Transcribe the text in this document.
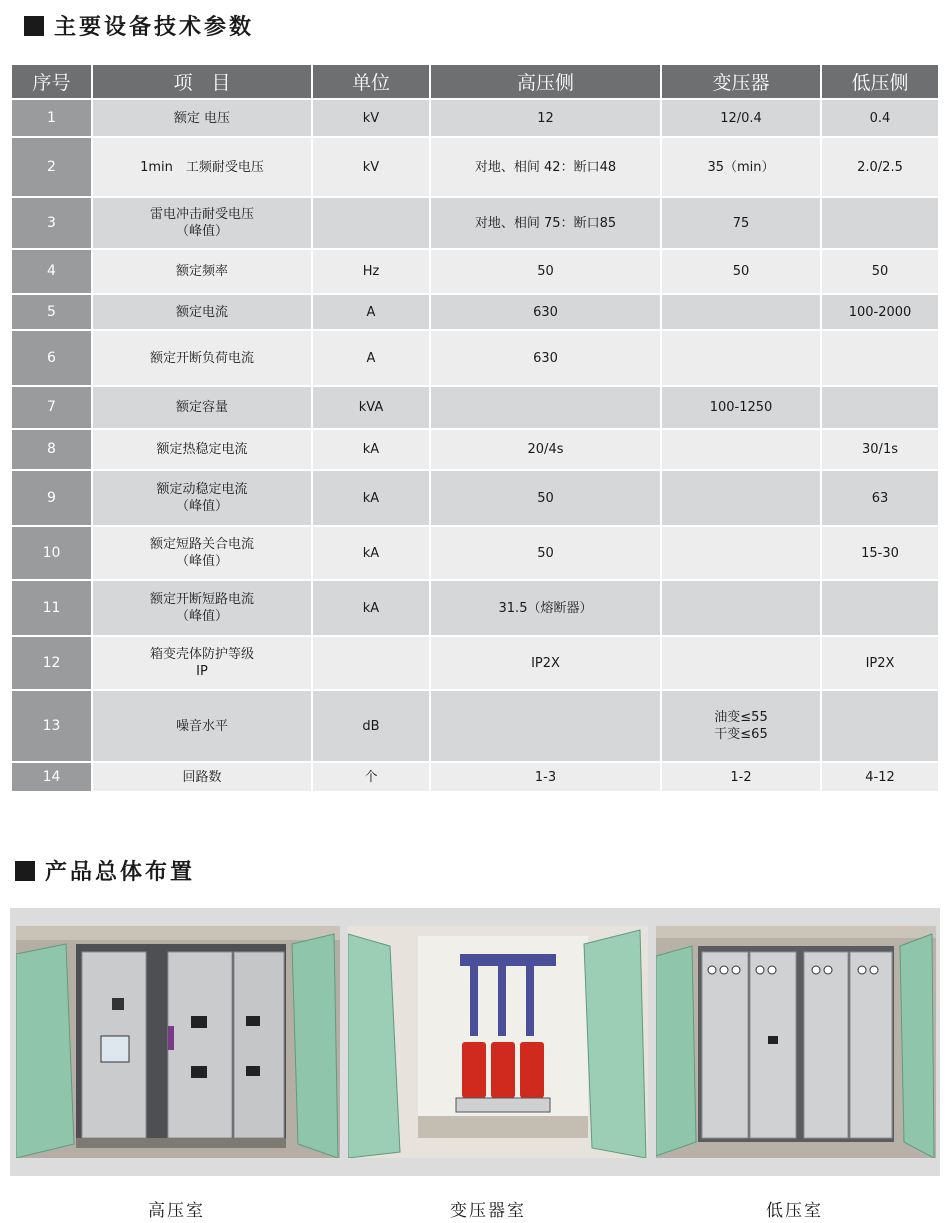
主要设备技术参数
序号	项　目	单位	高压侧	变压器	低压侧
1	额定 电压	kV	12	12/0.4	0.4

2	1min　工频耐受电压	kV	对地、相间 42：断口48	35（min）	2.0/2.5

3	雷电冲击耐受电压
（峰值）		对地、相间 75：断口85	75	

4	额定频率	Hz	50	50	50

5	额定电流	A	630		100-2000

6	额定开断负荷电流	A	630		

7	额定容量	kVA		100-1250	

8	额定热稳定电流	kA	20/4s		30/1s

9	额定动稳定电流
（峰值）	kA	50		63

10	额定短路关合电流
（峰值）	kA	50		15-30

11	额定开断短路电流
（峰值）	kA	31.5（熔断器）		

12	箱变壳体防护等级
IP		IP2X		IP2X

13	噪音水平	dB		油变≤55
干变≤65	

14	回路数	个	1-3	1-2	4-12
产品总体布置
高压室	变压器室	低压室
